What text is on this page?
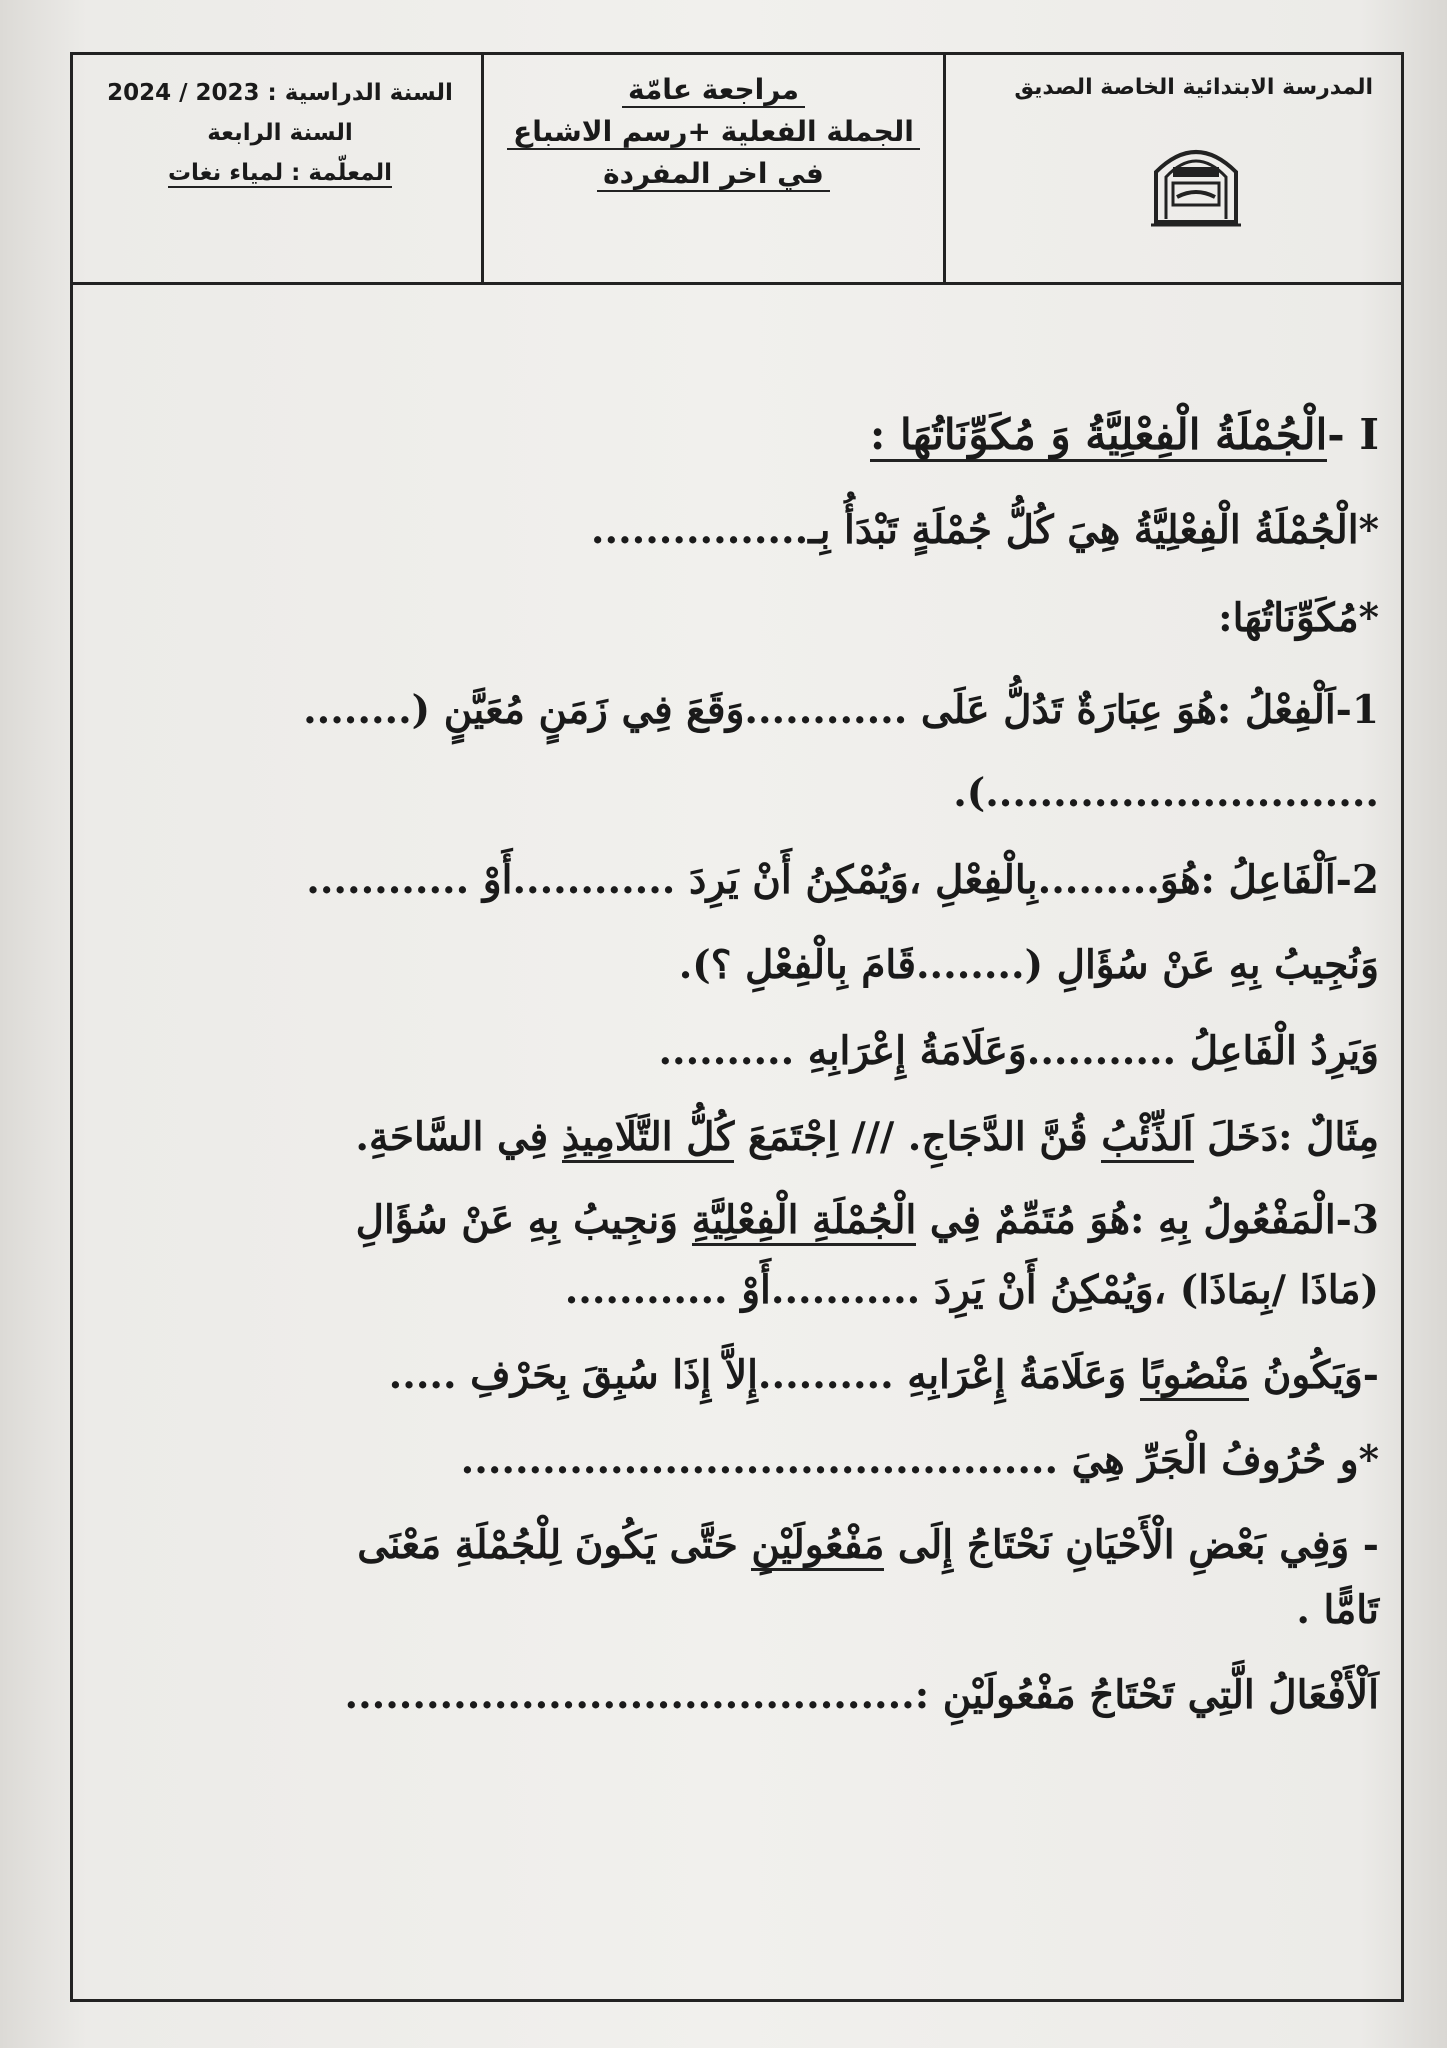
المدرسة الابتدائية الخاصة الصديق
مراجعة عامّة
الجملة الفعلية +رسم الاشباع
في اخر المفردة
السنة الدراسية : 2023 / 2024
السنة الرابعة
المعلّمة : لمياء نغات
I -الْجُمْلَةُ الْفِعْلِيَّةُ وَ مُكَوِّنَاتُهَا :
*الْجُمْلَةُ الْفِعْلِيَّةُ هِيَ كُلُّ جُمْلَةٍ تَبْدَأُ بِـ................
*مُكَوِّنَاتُهَا:
1-اَلْفِعْلُ :هُوَ عِبَارَةٌ تَدُلُّ عَلَى ............وَقَعَ فِي زَمَنٍ مُعَيَّنٍ (........
.............................).
2-اَلْفَاعِلُ :هُوَ.........بِالْفِعْلِ ،وَيُمْكِنُ أَنْ يَرِدَ ............أَوْ ............
وَنُجِيبُ بِهِ عَنْ سُؤَالِ (........قَامَ بِالْفِعْلِ ؟).
وَيَرِدُ الْفَاعِلُ ...........وَعَلَامَةُ إِعْرَابِهِ ..........
مِثَالٌ :دَخَلَ اَلذِّئْبُ قُنَّ الدَّجَاجِ. /// اِجْتَمَعَ كُلُّ التَّلَامِيذِ فِي السَّاحَةِ.
3-الْمَفْعُولُ بِهِ :هُوَ مُتَمِّمٌ فِي الْجُمْلَةِ الْفِعْلِيَّةِ وَنجِيبُ بِهِ عَنْ سُؤَالِ
(مَاذَا /بِمَاذَا) ،وَيُمْكِنُ أَنْ يَرِدَ ...........أَوْ ............
-وَيَكُونُ مَنْصُوبًا وَعَلَامَةُ إِعْرَابِهِ ..........إِلاَّ إِذَا سُبِقَ بِحَرْفِ .....
*و حُرُوفُ الْجَرِّ هِيَ ............................................
- وَفِي بَعْضِ الْأَحْيَانِ نَحْتَاجُ إِلَى مَفْعُولَيْنِ حَتَّى يَكُونَ لِلْجُمْلَةِ مَعْنَى
تَامًّا .
اَلْأَفْعَالُ الَّتِي تَحْتَاجُ مَفْعُولَيْنِ :..........................................
